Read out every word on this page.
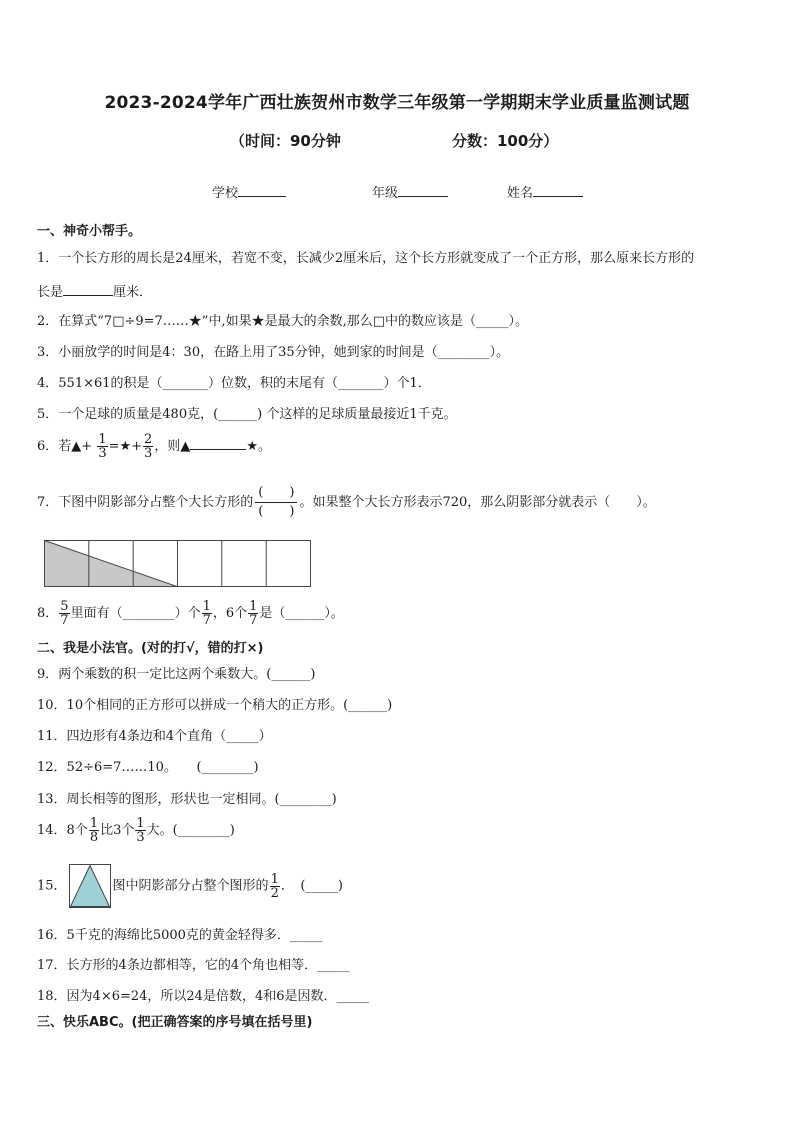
2023-2024学年广西壮族贺州市数学三年级第一学期期末学业质量监测试题
（时间：90分钟	分数：100分）
学校	年级	姓名
一、神奇小帮手。
1．一个长方形的周长是24厘米，若宽不变，长减少2厘米后，这个长方形就变成了一个正方形，那么原来长方形的
长是	厘米．
2．在算式“7□÷9=7……★”中,如果★是最大的余数,那么□中的数应该是（_____）。
3．小丽放学的时间是4：30，在路上用了35分钟，她到家的时间是（________）。
4．551×61的积是（_______）位数，积的末尾有（_______）个1．
5．一个足球的质量是480克，(______) 个这样的足球质量最接近1千克。
6．若▲+ $\frac{1}{3}$ =★+ $\frac{2}{3}$ ，则▲	★。
7．下图中阴影部分占整个大长方形的 $\frac{( )}{( )}$ 。如果整个大长方形表示720，那么阴影部分就表示（　　）。
8． $\frac{5}{7}$ 里面有（________）个 $\frac{1}{7}$ ，6个 $\frac{1}{7}$ 是（______）。
二、我是小法官。(对的打√，错的打×)
9．两个乘数的积一定比这两个乘数大。(______)
10．10个相同的正方形可以拼成一个稍大的正方形。(______)
11．四边形有4条边和4个直角（_____）
12．52÷6=7……10。　　(________)
13．周长相等的图形，形状也一定相同。(________)
14．8个 $\frac{1}{8}$ 比3个 $\frac{1}{3}$ 大。(________)
15．	图中阴影部分占整个图形的 $\frac{1}{2}$ ．　(_____)
16．5千克的海绵比5000克的黄金轻得多．_____
17．长方形的4条边都相等，它的4个角也相等．_____
18．因为4×6=24，所以24是倍数，4和6是因数．_____
三、快乐ABC。(把正确答案的序号填在括号里)
